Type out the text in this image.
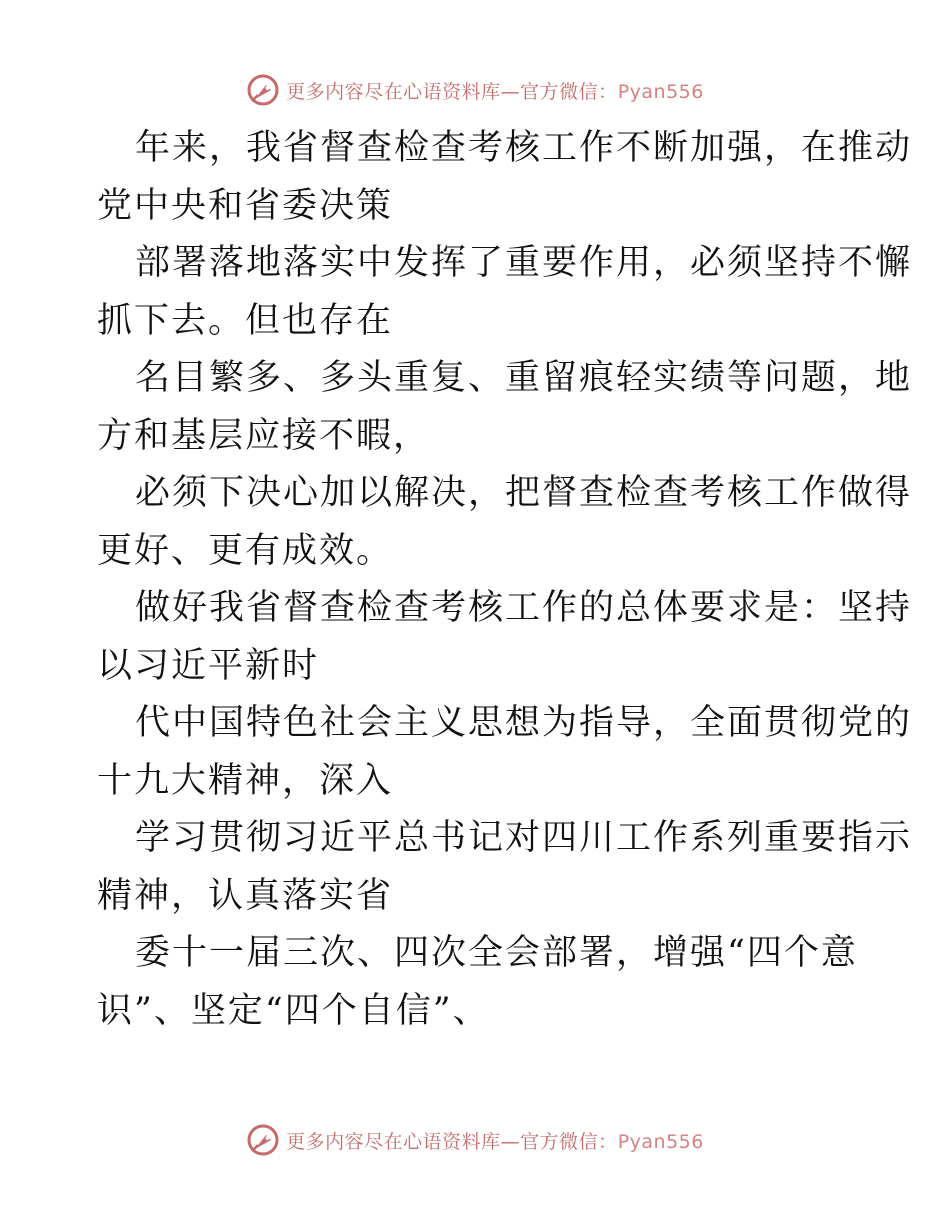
更多内容尽在心语资料库—官方微信：Pyan556
年来，我省督查检查考核工作不断加强，在推动
党中央和省委决策
部署落地落实中发挥了重要作用，必须坚持不懈
抓下去。但也存在
名目繁多、多头重复、重留痕轻实绩等问题，地
方和基层应接不暇，
必须下决心加以解决，把督查检查考核工作做得
更好、更有成效。
做好我省督查检查考核工作的总体要求是：坚持
以习近平新时
代中国特色社会主义思想为指导，全面贯彻党的
十九大精神，深入
学习贯彻习近平总书记对四川工作系列重要指示
精神，认真落实省
委十一届三次、四次全会部署，增强“四个意
识”、坚定“四个自信”、
更多内容尽在心语资料库—官方微信：Pyan556
